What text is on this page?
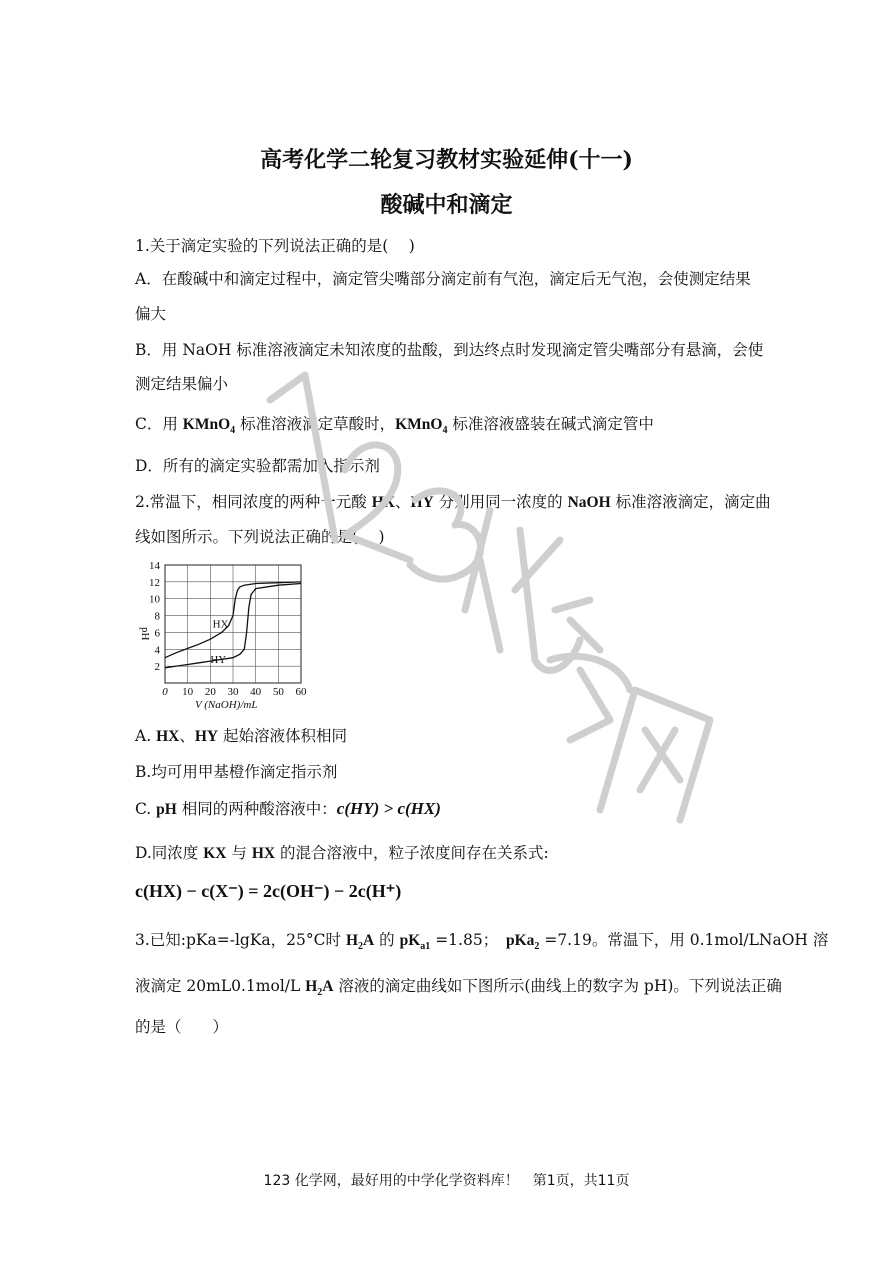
高考化学二轮复习教材实验延伸(十一)
酸碱中和滴定
1.关于滴定实验的下列说法正确的是(　 )
A．在酸碱中和滴定过程中，滴定管尖嘴部分滴定前有气泡，滴定后无气泡，会使测定结果
偏大
B．用 NaOH 标准溶液滴定未知浓度的盐酸，到达终点时发现滴定管尖嘴部分有悬滴，会使
测定结果偏小
C．用 KMnO$_4$ 标准溶液滴定草酸时，KMnO$_4$ 标准溶液盛装在碱式滴定管中
D．所有的滴定实验都需加入指示剂
2.常温下，相同浓度的两种一元酸 HX、HY 分别用同一浓度的 NaOH 标准溶液滴定，滴定曲
线如图所示。下列说法正确的是(　 )
HX
HY
0 10 20 30 40 50 60
2
4
6
8
10
12
14
pH
V (NaOH)/mL
A. HX、HY 起始溶液体积相同
B.均可用甲基橙作滴定指示剂
C. pH 相同的两种酸溶液中：c(HY) > c(HX)
D.同浓度 KX 与 HX 的混合溶液中，粒子浓度间存在关系式:
c(HX) − c(X⁻) = 2c(OH⁻) − 2c(H⁺)
3.已知:pKa=-lgKa，25°C时 $H_2A$ 的 $pK_{a1} =1.85$；　 pKa$_2$ =7.19。常温下，用 0.1mol/LNaOH 溶
液滴定 20mL0.1mol/L $H_2A$ 溶液的滴定曲线如下图所示(曲线上的数字为 pH)。下列说法正确
的是（　　）
123 化学网，最好用的中学化学资料库！　第1页，共11页
